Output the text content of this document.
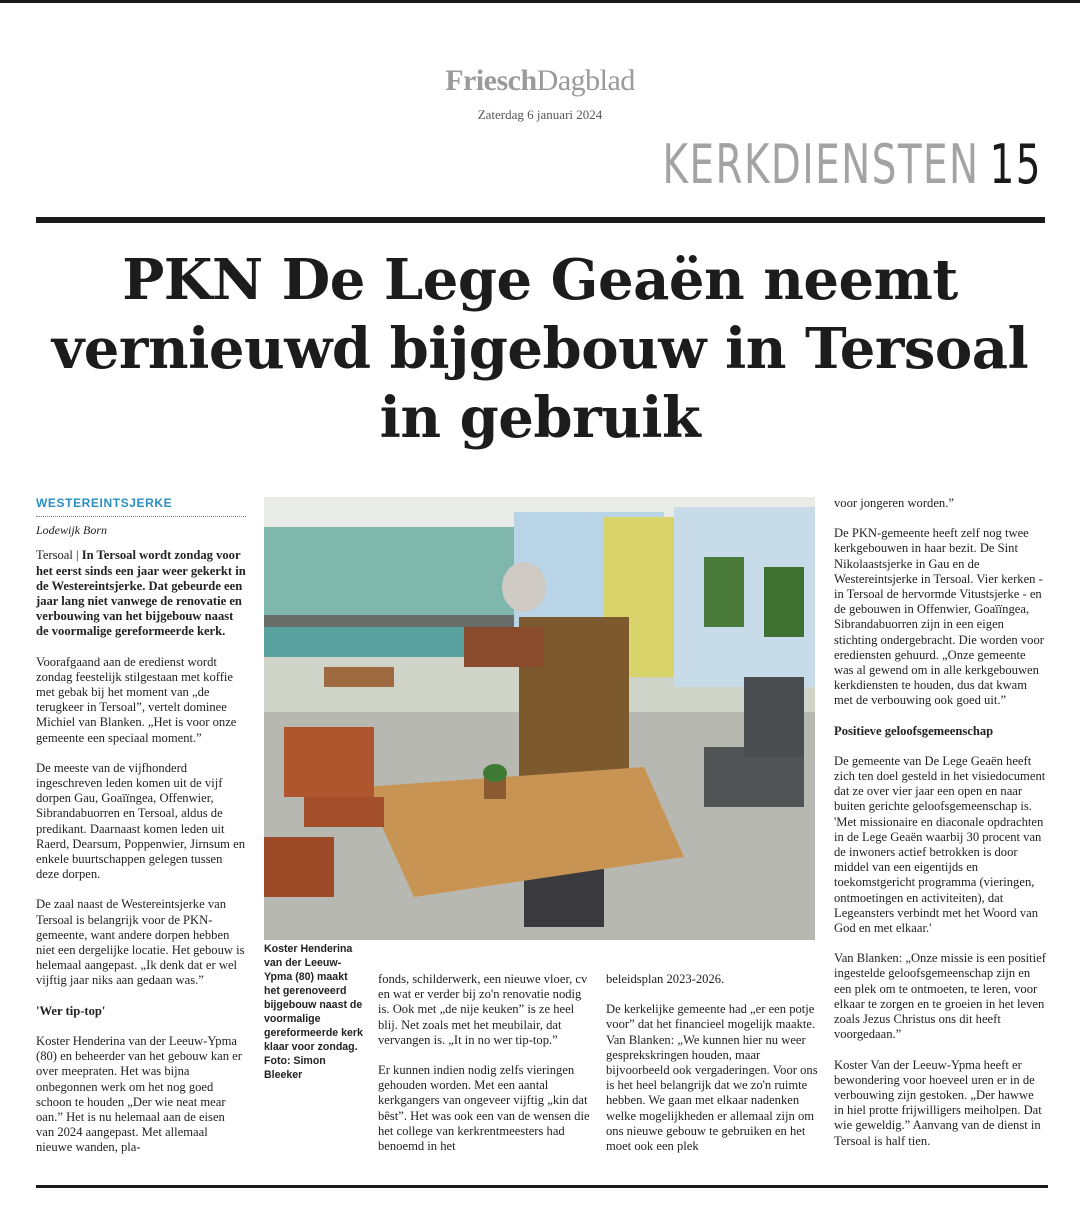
FrieschDagblad
Zaterdag 6 januari 2024
KERKDIENSTEN 15
PKN De Lege Geaën neemt vernieuwd bijgebouw in Tersoal in gebruik
WESTEREINTSJERKE
Lodewijk Born

Tersoal | In Tersoal wordt zondag voor het eerst sinds een jaar weer gekerkt in de Westereintsjerke. Dat gebeurde een jaar lang niet vanwege de renovatie en verbouwing van het bijgebouw naast de voormalige gereformeerde kerk.

Voorafgaand aan de eredienst wordt zondag feestelijk stilgestaan met koffie met gebak bij het moment van „de terugkeer in Tersoal”, vertelt dominee Michiel van Blanken. „Het is voor onze gemeente een speciaal moment.”

De meeste van de vijfhonderd ingeschreven leden komen uit de vijf dorpen Gau, Goaïïngea, Offenwier, Sibrandabuorren en Tersoal, aldus de predikant. Daarnaast komen leden uit Raerd, Dearsum, Poppenwier, Jirnsum en enkele buurtschappen gelegen tussen deze dorpen.

De zaal naast de Westereintsjerke van Tersoal is belangrijk voor de PKN-gemeente, want andere dorpen hebben niet een dergelijke locatie. Het gebouw is helemaal aangepast. „Ik denk dat er wel vijftig jaar niks aan gedaan was.”

'Wer tip-top'

Koster Henderina van der Leeuw-Ypma (80) en beheerder van het gebouw kan er over meepraten. Het was bijna onbegonnen werk om het nog goed schoon te houden „Der wie neat mear oan.” Het is nu helemaal aan de eisen van 2024 aangepast. Met allemaal nieuwe wanden, pla-

Koster Henderina van der Leeuw-Ypma (80) maakt het gerenoveerd bijgebouw naast de voormalige gereformeerde kerk klaar voor zondag. Foto: Simon Bleeker

fonds, schilderwerk, een nieuwe vloer, cv en wat er verder bij zo'n renovatie nodig is. Ook met „de nije keuken” is ze heel blij. Net zoals met het meubilair, dat vervangen is. „It in no wer tip-top.”

Er kunnen indien nodig zelfs vieringen gehouden worden. Met een aantal kerkgangers van ongeveer vijftig „kin dat bêst”. Het was ook een van de wensen die het college van kerkrentmeesters had benoemd in het

beleidsplan 2023-2026.

De kerkelijke gemeente had „er een potje voor” dat het financieel mogelijk maakte. Van Blanken: „We kunnen hier nu weer gesprekskringen houden, maar bijvoorbeeld ook vergaderingen. Voor ons is het heel belangrijk dat we zo'n ruimte hebben. We gaan met elkaar nadenken welke mogelijkheden er allemaal zijn om ons nieuwe gebouw te gebruiken en het moet ook een plek

voor jongeren worden.”

De PKN-gemeente heeft zelf nog twee kerkgebouwen in haar bezit. De Sint Nikolaastsjerke in Gau en de Westereintsjerke in Tersoal. Vier kerken - in Tersoal de hervormde Vitustsjerke - en de gebouwen in Offenwier, Goaïïngea, Sibrandabuorren zijn in een eigen stichting ondergebracht. Die worden voor erediensten gehuurd. „Onze gemeente was al gewend om in alle kerkgebouwen kerkdiensten te houden, dus dat kwam met de verbouwing ook goed uit.”

Positieve geloofsgemeenschap

De gemeente van De Lege Geaën heeft zich ten doel gesteld in het visiedocument dat ze over vier jaar een open en naar buiten gerichte geloofsgemeenschap is. 'Met missionaire en diaconale opdrachten in de Lege Geaën waarbij 30 procent van de inwoners actief betrokken is door middel van een eigentijds en toekomstgericht programma (vieringen, ontmoetingen en activiteiten), dat Legeansters verbindt met het Woord van God en met elkaar.'

Van Blanken: „Onze missie is een positief ingestelde geloofsgemeenschap zijn en een plek om te ontmoeten, te leren, voor elkaar te zorgen en te groeien in het leven zoals Jezus Christus ons dit heeft voorgedaan.”

Koster Van der Leeuw-Ypma heeft er bewondering voor hoeveel uren er in de verbouwing zijn gestoken. „Der hawwe in hiel protte frijwilligers meiholpen. Dat wie geweldig.” Aanvang van de dienst in Tersoal is half tien.
